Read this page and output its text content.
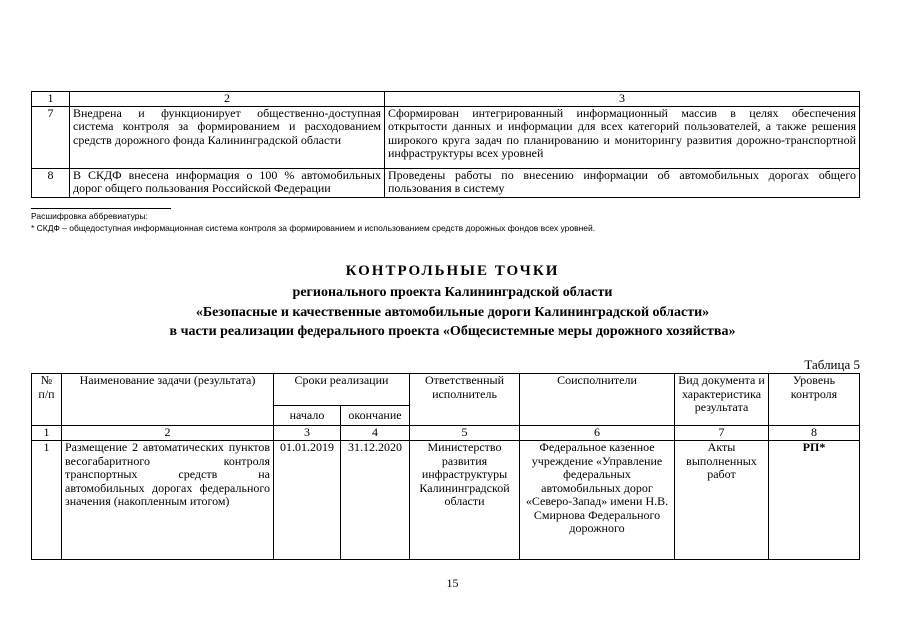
1	2	3
7	Внедрена и функционирует общественно-доступная система контроля за формированием и расходованием средств дорожного фонда Калининградской области	Сформирован интегрированный информационный массив в целях обеспечения открытости данных и информации для всех категорий пользователей, а также решения широкого круга задач по планированию и мониторингу развития дорожно-транспортной инфраструктуры всех уровней
8	В СКДФ внесена информация о 100 % автомобильных дорог общего пользования Российской Федерации	Проведены работы по внесению информации об автомобильных дорогах общего пользования в систему
Расшифровка аббревиатуры:
* СКДФ – общедоступная информационная система контроля за формированием и использованием средств дорожных фондов всех уровней.
КОНТРОЛЬНЫЕ ТОЧКИ
регионального проекта Калининградской области
«Безопасные и качественные автомобильные дороги Калининградской области»
в части реализации федерального проекта «Общесистемные меры дорожного хозяйства»
Таблица 5
№ п/п	Наименование задачи (результата)	Сроки реализации		Ответственный исполнитель	Соисполнители	Вид документа и характеристика результата	Уровень контроля
		начало	окончание				
1	2	3	4	5	6	7	8
1	Размещение 2 автоматических пунктов весогабаритного контроля транспортных средств на автомобильных дорогах федерального значения (накопленным итогом)	01.01.2019	31.12.2020	Министерство развития инфраструктуры Калининградской области	Федеральное казенное учреждение «Управление федеральных автомобильных дорог «Северо-Запад» имени Н.В. Смирнова Федерального дорожного	Акты выполненных работ	РП*
15
